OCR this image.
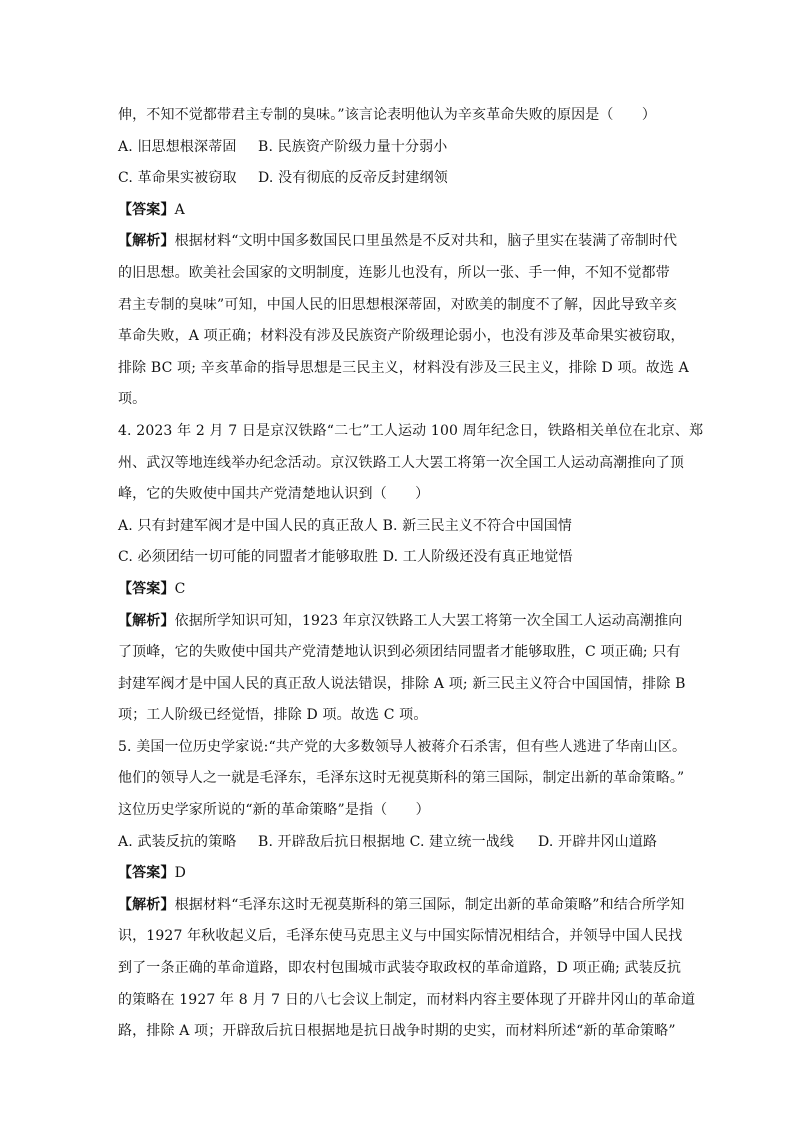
伸，不知不觉都带君主专制的臭味。”该言论表明他认为辛亥革命失败的原因是（　　）
A. 旧思想根深蒂固 B. 民族资产阶级力量十分弱小
C. 革命果实被窃取 D. 没有彻底的反帝反封建纲领
【答案】A
【解析】根据材料“文明中国多数国民口里虽然是不反对共和，脑子里实在装满了帝制时代
的旧思想。欧美社会国家的文明制度，连影儿也没有，所以一张、手一伸，不知不觉都带
君主专制的臭味”可知，中国人民的旧思想根深蒂固，对欧美的制度不了解，因此导致辛亥
革命失败，A 项正确；材料没有涉及民族资产阶级理论弱小，也没有涉及革命果实被窃取，
排除 BC 项; 辛亥革命的指导思想是三民主义，材料没有涉及三民主义，排除 D 项。故选 A
项。
4. 2023 年 2 月 7 日是京汉铁路“二七”工人运动 100 周年纪念日，铁路相关单位在北京、郑
州、武汉等地连线举办纪念活动。京汉铁路工人大罢工将第一次全国工人运动高潮推向了顶
峰，它的失败使中国共产党清楚地认识到（　　）
A. 只有封建军阀才是中国人民的真正敌人 B. 新三民主义不符合中国国情
C. 必须团结一切可能的同盟者才能够取胜 D. 工人阶级还没有真正地觉悟
【答案】C
【解析】依据所学知识可知，1923 年京汉铁路工人大罢工将第一次全国工人运动高潮推向
了顶峰，它的失败使中国共产党清楚地认识到必须团结同盟者才能够取胜，C 项正确; 只有
封建军阀才是中国人民的真正敌人说法错误，排除 A 项; 新三民主义符合中国国情，排除 B
项；工人阶级已经觉悟，排除 D 项。故选 C 项。
5. 美国一位历史学家说:“共产党的大多数领导人被蒋介石杀害，但有些人逃进了华南山区。
他们的领导人之一就是毛泽东，毛泽东这时无视莫斯科的第三国际，制定出新的革命策略。”
这位历史学家所说的“新的革命策略”是指（　　）
A. 武装反抗的策略 B. 开辟敌后抗日根据地 C. 建立统一战线 D. 开辟井冈山道路
【答案】D
【解析】根据材料“毛泽东这时无视莫斯科的第三国际，制定出新的革命策略”和结合所学知
识，1927 年秋收起义后，毛泽东使马克思主义与中国实际情况相结合，并领导中国人民找
到了一条正确的革命道路，即农村包围城市武装夺取政权的革命道路，D 项正确; 武装反抗
的策略在 1927 年 8 月 7 日的八七会议上制定，而材料内容主要体现了开辟井冈山的革命道
路，排除 A 项；开辟敌后抗日根据地是抗日战争时期的史实，而材料所述“新的革命策略”
